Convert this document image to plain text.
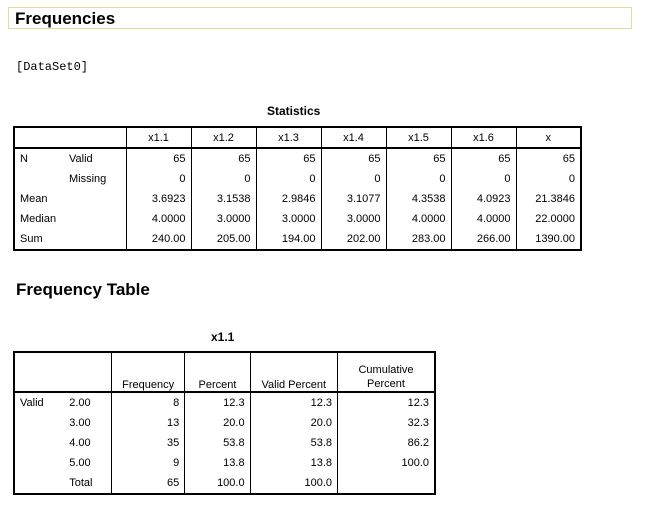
Frequencies
[DataSet0]
Statistics
		x1.1	x1.2	x1.3	x1.4	x1.5	x1.6	x
N	Valid	65	65	65	65	65	65	65
	Missing	0	0	0	0	0	0	0
Mean		3.6923	3.1538	2.9846	3.1077	4.3538	4.0923	21.3846
Median		4.0000	3.0000	3.0000	3.0000	4.0000	4.0000	22.0000
Sum		240.00	205.00	194.00	202.00	283.00	266.00	1390.00
Frequency Table
x1.1
		Frequency	Percent	Valid Percent	Cumulative Percent
Valid	2.00	8	12.3	12.3	12.3
	3.00	13	20.0	20.0	32.3
	4.00	35	53.8	53.8	86.2
	5.00	9	13.8	13.8	100.0
	Total	65	100.0	100.0	
